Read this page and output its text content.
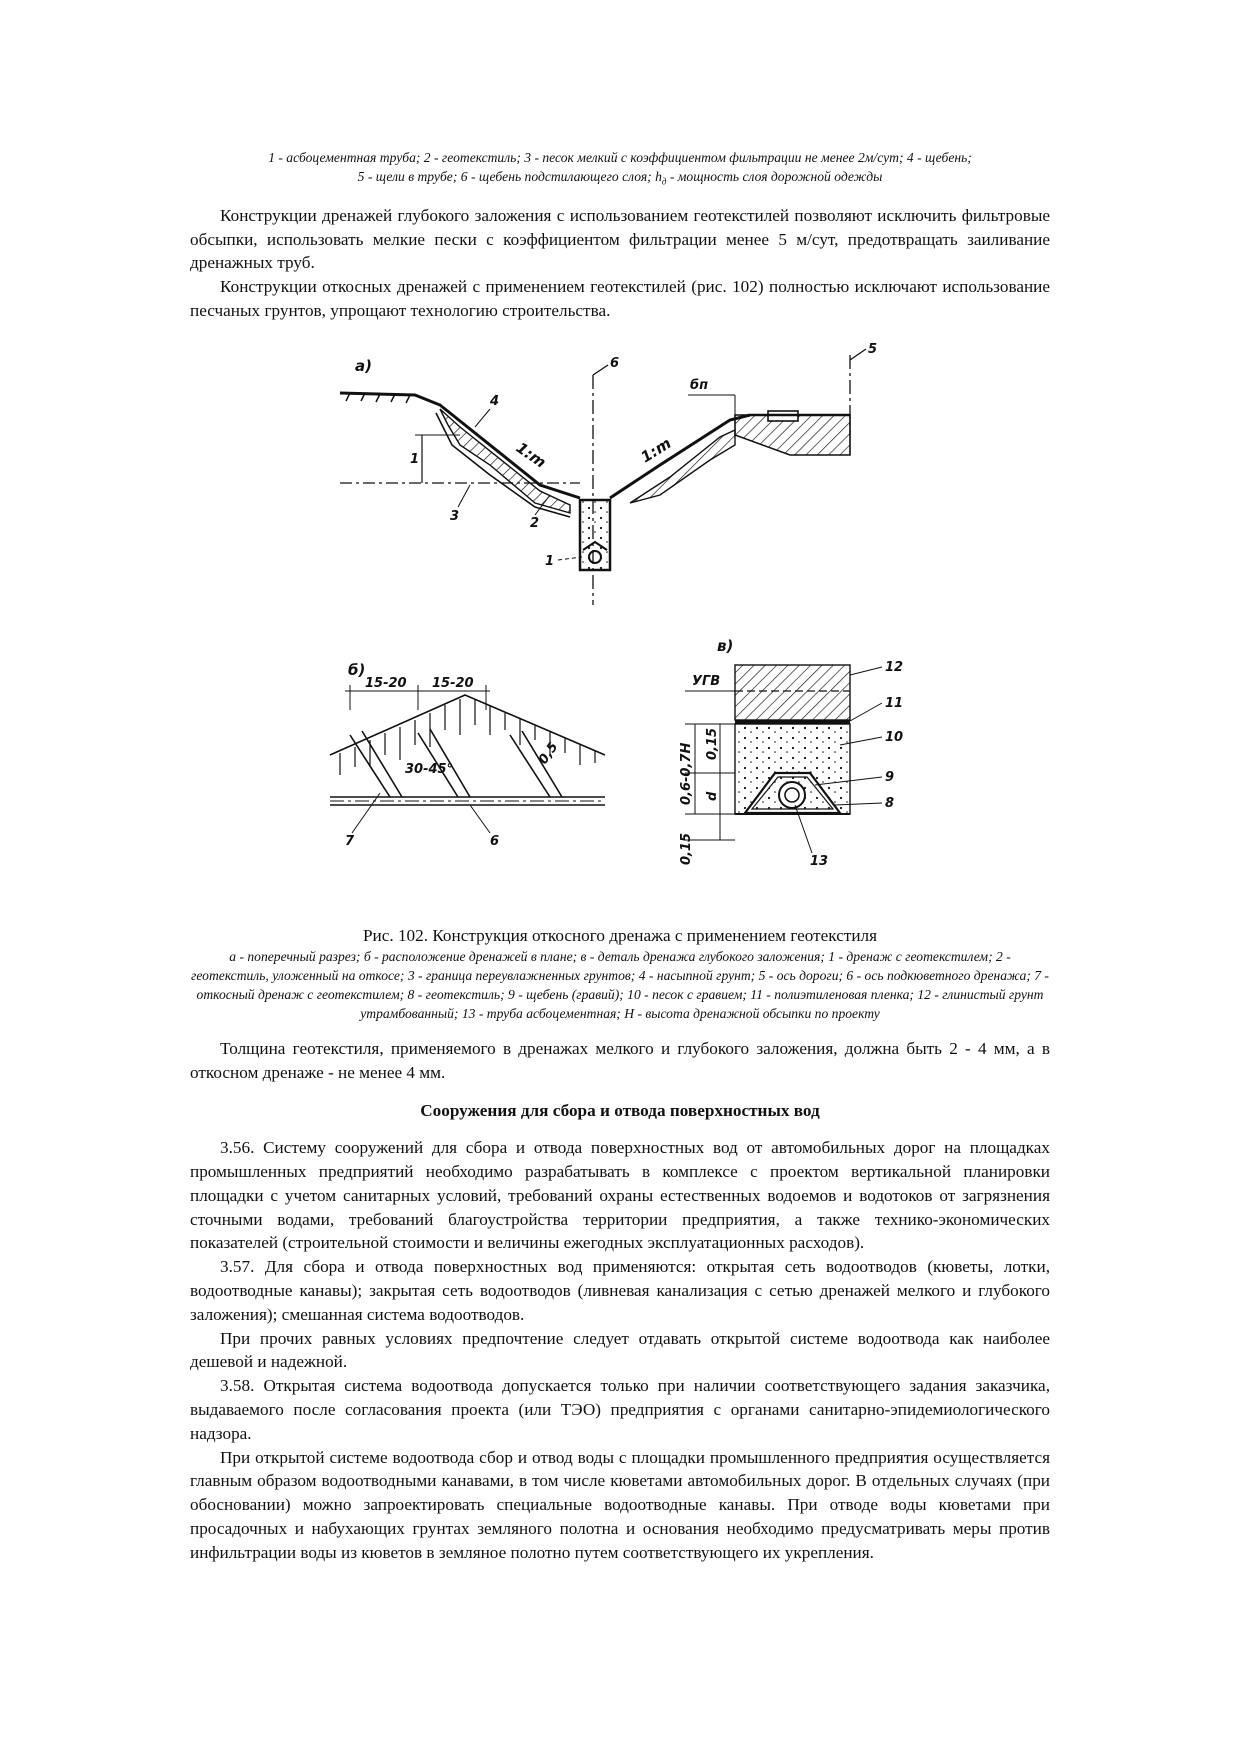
1 - асбоцементная труба; 2 - геотекстиль; 3 - песок мелкий с коэффициентом фильтрации не менее 2м/сут; 4 - щебень;
5 - щели в трубе; 6 - щебень подстилающего слоя; $h_д$ - мощность слоя дорожной одежды

Конструкции дренажей глубокого заложения с использованием геотекстилей позволяют исключить фильтровые обсыпки, использовать мелкие пески с коэффициентом фильтрации менее 5 м/сут, предотвращать заиливание дренажных труб.

Конструкции откосных дренажей с применением геотекстилей (рис. 102) полностью исключают использование песчаных грунтов, упрощают технологию строительства.

а)	6
5
1
4
1:m	1:m
бп
2
3
1
б)
15-20 15-20
30-45°
0,5
7	6
в)
УГВ
0,6-0,7H 0,15
d
0,15
12
11
10
9
8
13

Рис. 102. Конструкция откосного дренажа с применением геотекстиля

а - поперечный разрез; б - расположение дренажей в плане; в - деталь дренажа глубокого заложения; 1 - дренаж с геотекстилем; 2 - геотекстиль, уложенный на откосе; 3 - граница переувлажненных грунтов; 4 - насыпной грунт; 5 - ось дороги; 6 - ось подкюветного дренажа; 7 - откосный дренаж с геотекстилем; 8 - геотекстиль; 9 - щебень (гравий); 10 - песок с гравием; 11 - полиэтиленовая пленка; 12 - глинистый грунт утрамбованный; 13 - труба асбоцементная; Н - высота дренажной обсыпки по проекту

Толщина геотекстиля, применяемого в дренажах мелкого и глубокого заложения, должна быть 2 - 4 мм, а в откосном дренаже - не менее 4 мм.

Сооружения для сбора и отвода поверхностных вод

3.56. Систему сооружений для сбора и отвода поверхностных вод от автомобильных дорог на площадках промышленных предприятий необходимо разрабатывать в комплексе с проектом вертикальной планировки площадки с учетом санитарных условий, требований охраны естественных водоемов и водотоков от загрязнения сточными водами, требований благоустройства территории предприятия, а также технико-экономических показателей (строительной стоимости и величины ежегодных эксплуатационных расходов).

3.57. Для сбора и отвода поверхностных вод применяются: открытая сеть водоотводов (кюветы, лотки, водоотводные канавы); закрытая сеть водоотводов (ливневая канализация с сетью дренажей мелкого и глубокого заложения); смешанная система водоотводов.

При прочих равных условиях предпочтение следует отдавать открытой системе водоотвода как наиболее дешевой и надежной.

3.58. Открытая система водоотвода допускается только при наличии соответствующего задания заказчика, выдаваемого после согласования проекта (или ТЭО) предприятия с органами санитарно-эпидемиологического надзора.

При открытой системе водоотвода сбор и отвод воды с площадки промышленного предприятия осуществляется главным образом водоотводными канавами, в том числе кюветами автомобильных дорог. В отдельных случаях (при обосновании) можно запроектировать специальные водоотводные канавы. При отводе воды кюветами при просадочных и набухающих грунтах земляного полотна и основания необходимо предусматривать меры против инфильтрации воды из кюветов в земляное полотно путем соответствующего их укрепления.
